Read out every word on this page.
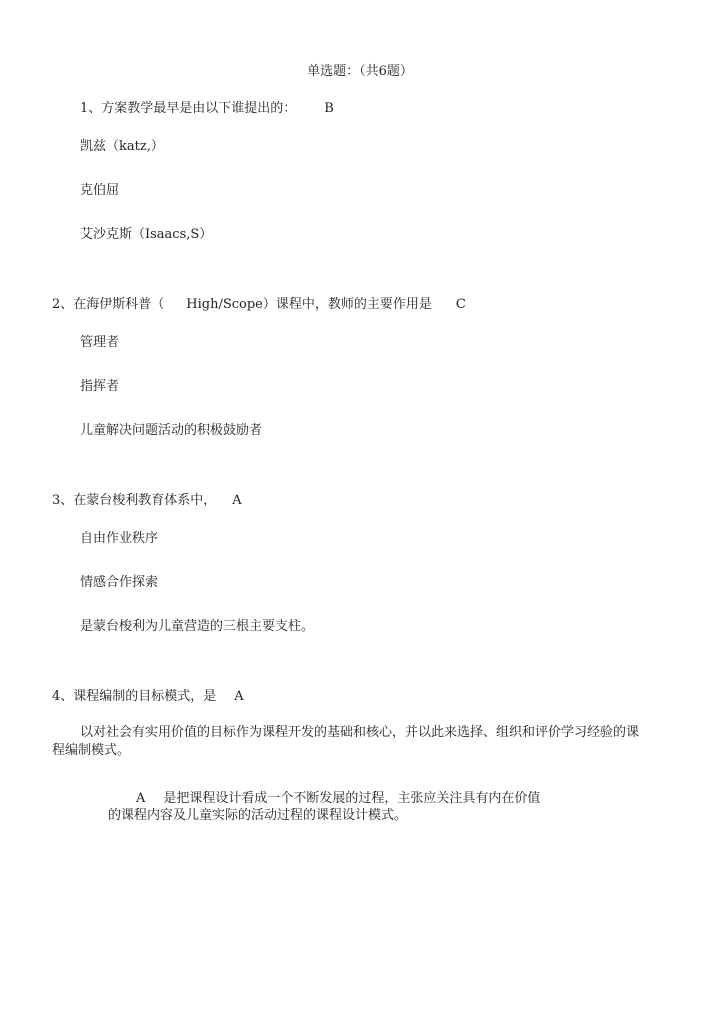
单选题：（共6题）
1、方案教学最早是由以下谁提出的： B
凯兹（katz,）
克伯屈
艾沙克斯（Isaacs,S）
2、在海伊斯科普（ High/Scope）课程中，教师的主要作用是 C
管理者
指挥者
儿童解决问题活动的积极鼓励者
3、在蒙台梭利教育体系中， A
自由作业秩序
情感合作探索
是蒙台梭利为儿童营造的三根主要支柱。
4、课程编制的目标模式，是 A
以对社会有实用价值的目标作为课程开发的基础和核心，并以此来选择、组织和评价学习经验的课
程编制模式。
A 是把课程设计看成一个不断发展的过程，主张应关注具有内在价值
的课程内容及儿童实际的活动过程的课程设计模式。
